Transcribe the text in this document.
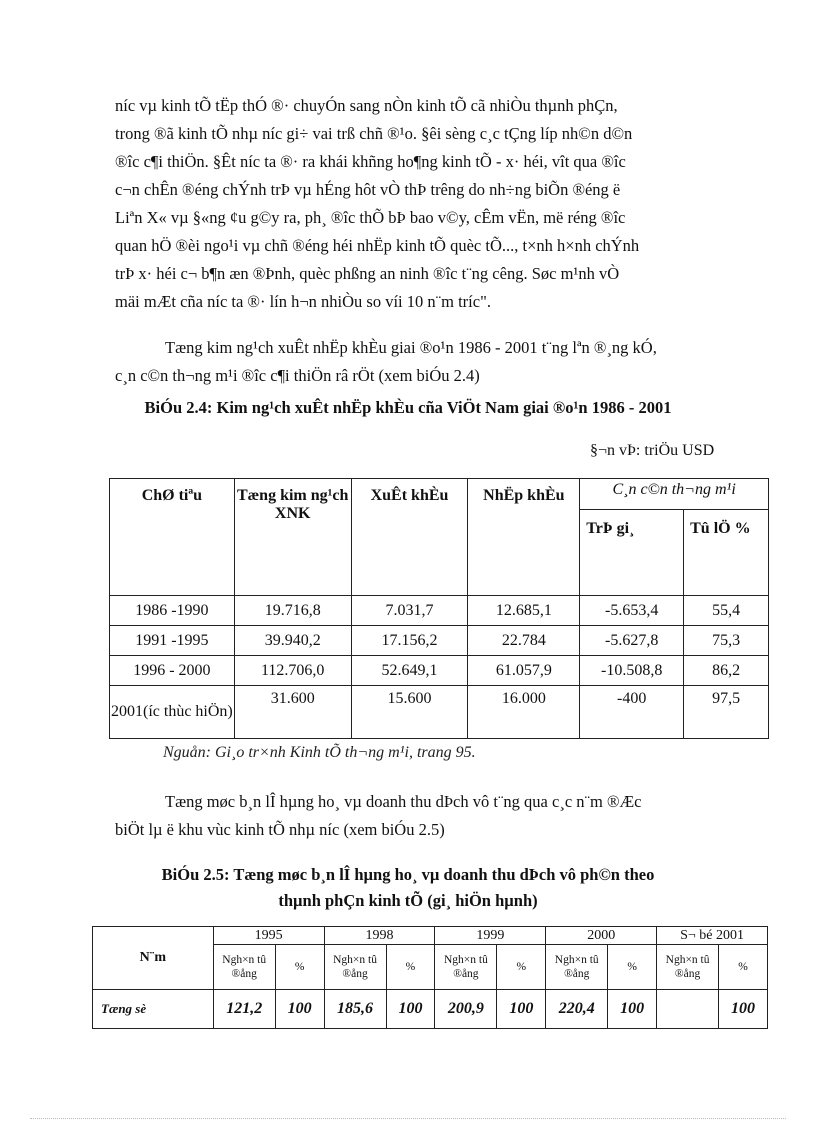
níc vµ kinh tÕ tËp thÓ ®· chuyÓn sang nÒn kinh tÕ cã nhiÒu thµnh phÇn,
trong ®ã kinh tÕ nhµ níc gi÷ vai trß chñ ®¹o. §êi sèng c¸c tÇng líp nh©n d©n
®îc c¶i thiÖn. §Êt níc ta ®· ra khái khñng ho¶ng kinh tÕ - x· héi, vît qua ®îc
c¬n chÊn ®éng chÝnh trÞ vµ hÉng hôt vÒ thÞ trêng do nh÷ng biÕn ®éng ë
Liªn X« vµ §«ng ¢u g©y ra, ph¸ ®îc thÕ bÞ bao v©y, cÊm vËn, më réng ®îc
quan hÖ ®èi ngo¹i vµ chñ ®éng héi nhËp kinh tÕ quèc tÕ..., t×nh h×nh chÝnh
trÞ x· héi c¬ b¶n æn ®Þnh, quèc phßng an ninh ®îc t¨ng cêng. Søc m¹nh vÒ
mäi mÆt cña níc ta ®· lín h¬n nhiÒu so víi 10 n¨m tríc".

Tæng kim ng¹ch xuÊt nhËp khÈu giai ®o¹n 1986 - 2001 t¨ng lªn ®¸ng kÓ,
c¸n c©n th¬ng m¹i ®îc c¶i thiÖn râ rÖt (xem biÓu 2.4)

BiÓu 2.4: Kim ng¹ch xuÊt nhËp khÈu cña ViÖt Nam giai ®o¹n 1986 - 2001

§¬n vÞ: triÖu USD
ChØ tiªu	Tæng kim ng¹ch XNK	XuÊt khÈu	NhËp khÈu	C¸n c©n th¬ng m¹i	
				TrÞ gi¸	Tû lÖ %
1986 -1990	19.716,8	7.031,7	12.685,1	-5.653,4	55,4
1991 -1995	39.940,2	17.156,2	22.784	-5.627,8	75,3
1996 - 2000	112.706,0	52.649,1	61.057,9	-10.508,8	86,2
2001(íc thùc hiÖn)	31.600	15.600	16.000	-400	97,5
Nguån: Gi¸o tr×nh Kinh tÕ th¬ng m¹i, trang 95.

Tæng møc b¸n lÎ hµng ho¸ vµ doanh thu dÞch vô t¨ng qua c¸c n¨m ®Æc
biÖt lµ ë khu vùc kinh tÕ nhµ níc (xem biÓu 2.5)

BiÓu 2.5: Tæng møc b¸n lÎ hµng ho¸ vµ doanh thu dÞch vô ph©n theo
thµnh phÇn kinh tÕ (gi¸ hiÖn hµnh)

N¨m	1995		1998		1999		2000		S¬ bé 2001	
	Ngh×n tû ®ång	%	Ngh×n tû ®ång	%	Ngh×n tû ®ång	%	Ngh×n tû ®ång	%	Ngh×n tû ®ång	%
Tæng sè	121,2	100	185,6	100	200,9	100	220,4	100		100
